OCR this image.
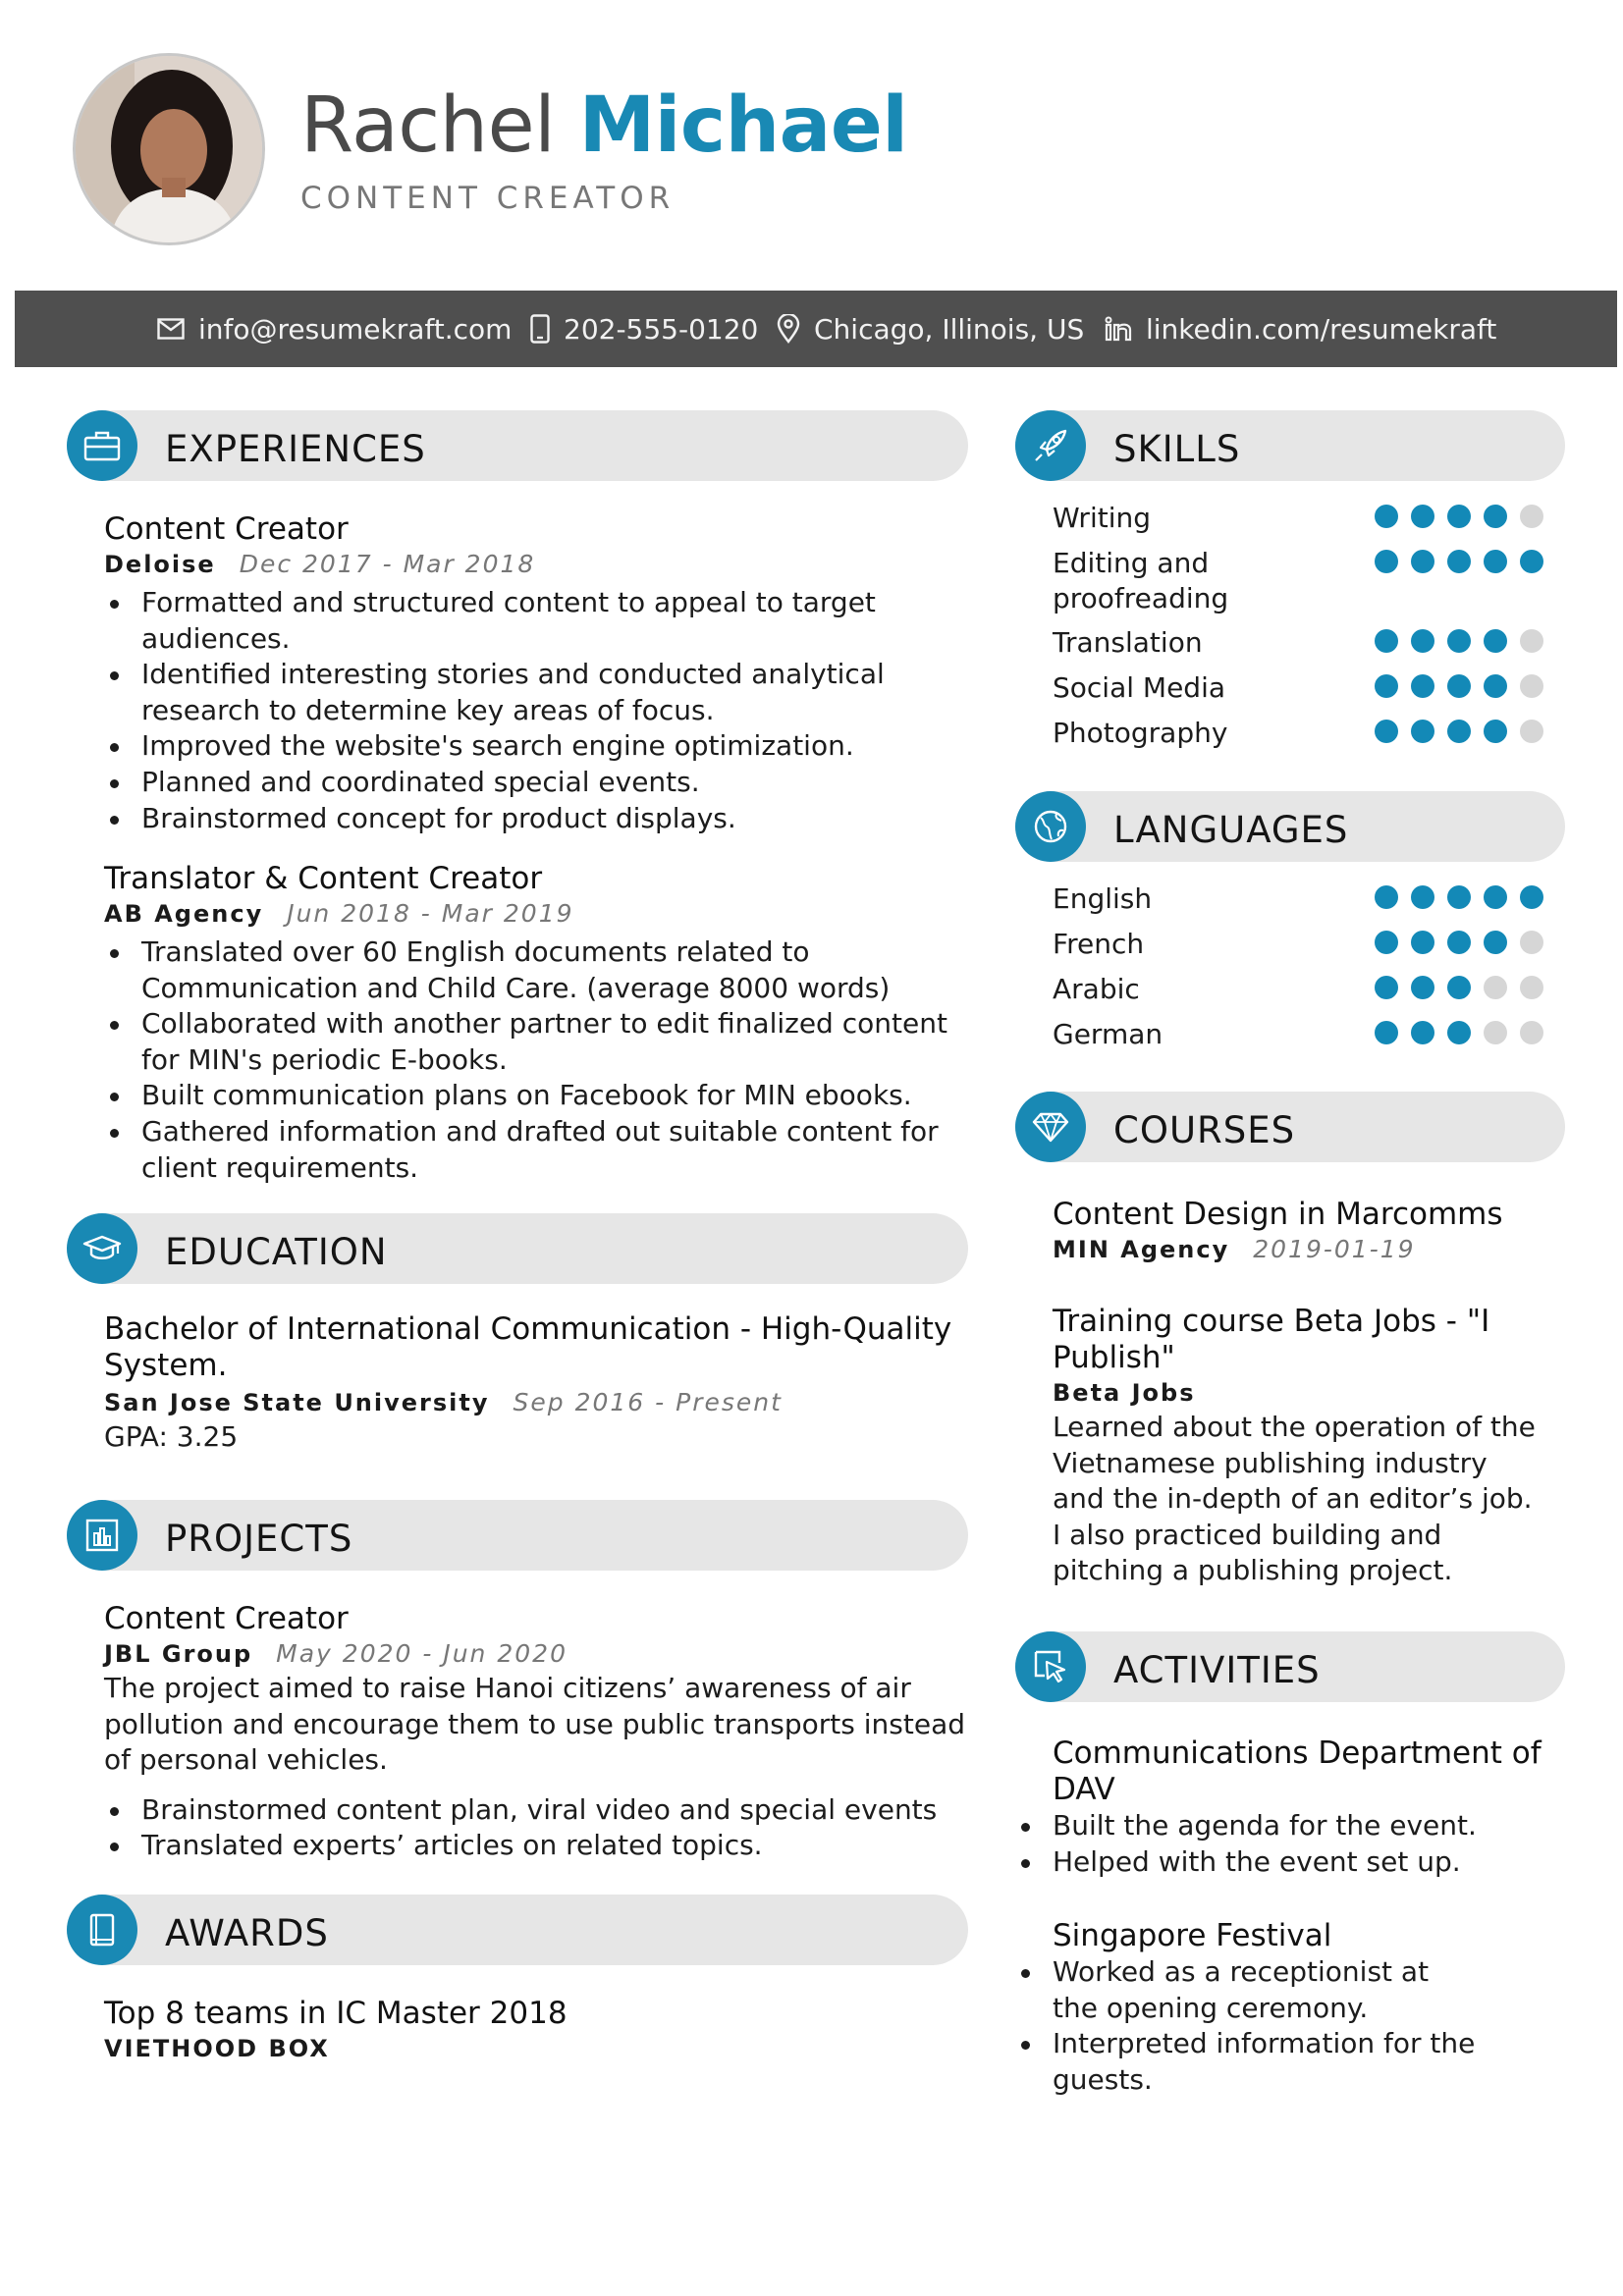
Rachel Michael
CONTENT CREATOR
info@resumekraft.com 202-555-0120 Chicago, Illinois, US linkedin.com/resumekraft
EXPERIENCES
Content Creator
Deloise Dec 2017 - Mar 2018
Formatted and structured content to appeal to target audiences.
Identified interesting stories and conducted analytical research to determine key areas of focus.
Improved the website's search engine optimization.
Planned and coordinated special events.
Brainstormed concept for product displays.
Translator & Content Creator
AB Agency Jun 2018 - Mar 2019
Translated over 60 English documents related to Communication and Child Care. (average 8000 words)
Collaborated with another partner to edit finalized content for MIN's periodic E-books.
Built communication plans on Facebook for MIN ebooks.
Gathered information and drafted out suitable content for client requirements.
EDUCATION
Bachelor of International Communication - High-Quality System.
San Jose State University Sep 2016 - Present
GPA: 3.25
PROJECTS
Content Creator
JBL Group May 2020 - Jun 2020
The project aimed to raise Hanoi citizens’ awareness of air pollution and encourage them to use public transports instead of personal vehicles.
Brainstormed content plan, viral video and special events
Translated experts’ articles on related topics.
AWARDS
Top 8 teams in IC Master 2018
VIETHOOD BOX
SKILLS
Writing
Editing and proofreading
Translation
Social Media
Photography
LANGUAGES
English
French
Arabic
German
COURSES
Content Design in Marcomms
MIN Agency 2019-01-19
Training course Beta Jobs - "I Publish"
Beta Jobs
Learned about the operation of the Vietnamese publishing industry and the in-depth of an editor’s job. I also practiced building and pitching a publishing project.
ACTIVITIES
Communications Department of DAV
Built the agenda for the event.
Helped with the event set up.
Singapore Festival
Worked as a receptionist at the opening ceremony.
Interpreted information for the guests.
